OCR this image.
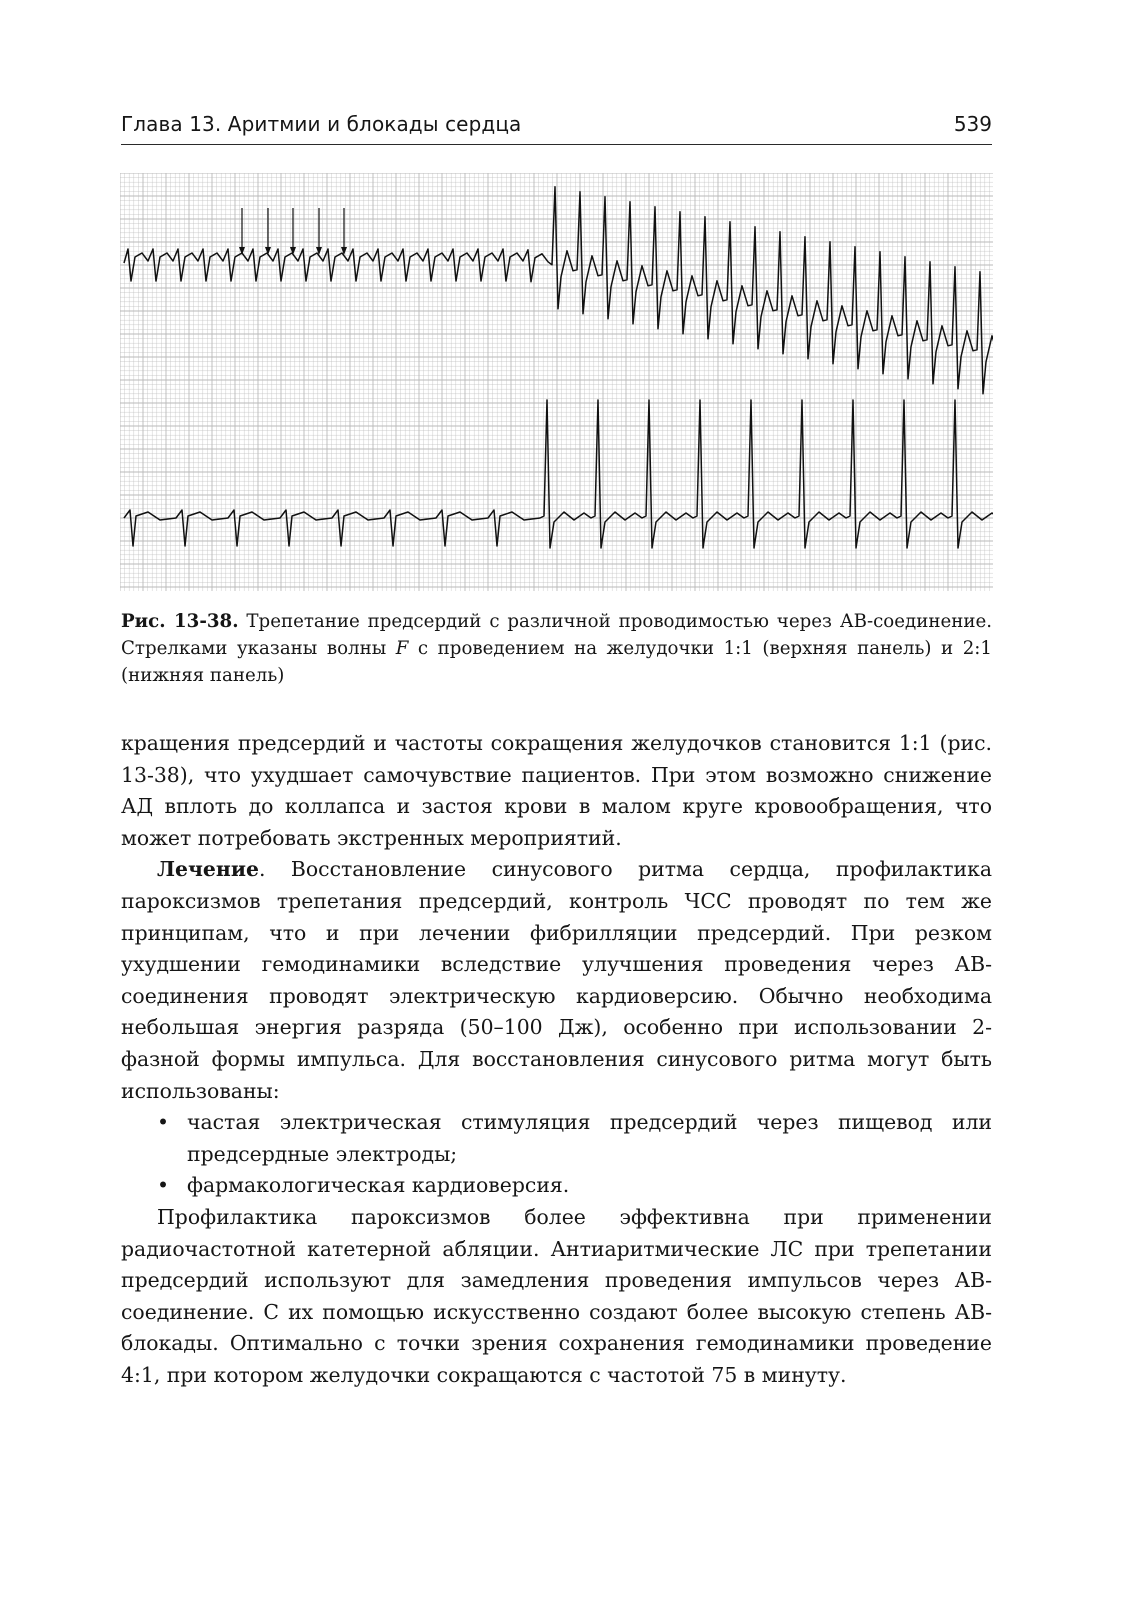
Глава 13. Аритмии и блокады сердца	539
Рис. 13-38. Трепетание предсердий с различной проводимостью через АВ-соединение. Стрелками указаны волны F с проведением на желудочки 1:1 (верхняя панель) и 2:1 (нижняя панель)

кращения предсердий и частоты сокращения желудочков становится 1:1 (рис. 13-38), что ухудшает самочувствие пациентов. При этом возможно снижение АД вплоть до коллапса и застоя крови в малом круге кровообращения, что может потребовать экстренных мероприятий.

Лечение. Восстановление синусового ритма сердца, профилактика пароксизмов трепетания предсердий, контроль ЧСС проводят по тем же принципам, что и при лечении фибрилляции предсердий. При резком ухудшении гемодинамики вследствие улучшения проведения через АВ-соединения проводят электрическую кардиоверсию. Обычно необходима небольшая энергия разряда (50–100 Дж), особенно при использовании 2-фазной формы импульса. Для восстановления синусового ритма могут быть использованы:

• частая электрическая стимуляция предсердий через пищевод или предсердные электроды;
• фармакологическая кардиоверсия.

Профилактика пароксизмов более эффективна при применении радиочастотной катетерной абляции. Антиаритмические ЛС при трепетании предсердий используют для замедления проведения импульсов через АВ-соединение. С их помощью искусственно создают более высокую степень АВ-блокады. Оптимально с точки зрения сохранения гемодинамики проведение 4:1, при котором желудочки сокращаются с частотой 75 в минуту.
